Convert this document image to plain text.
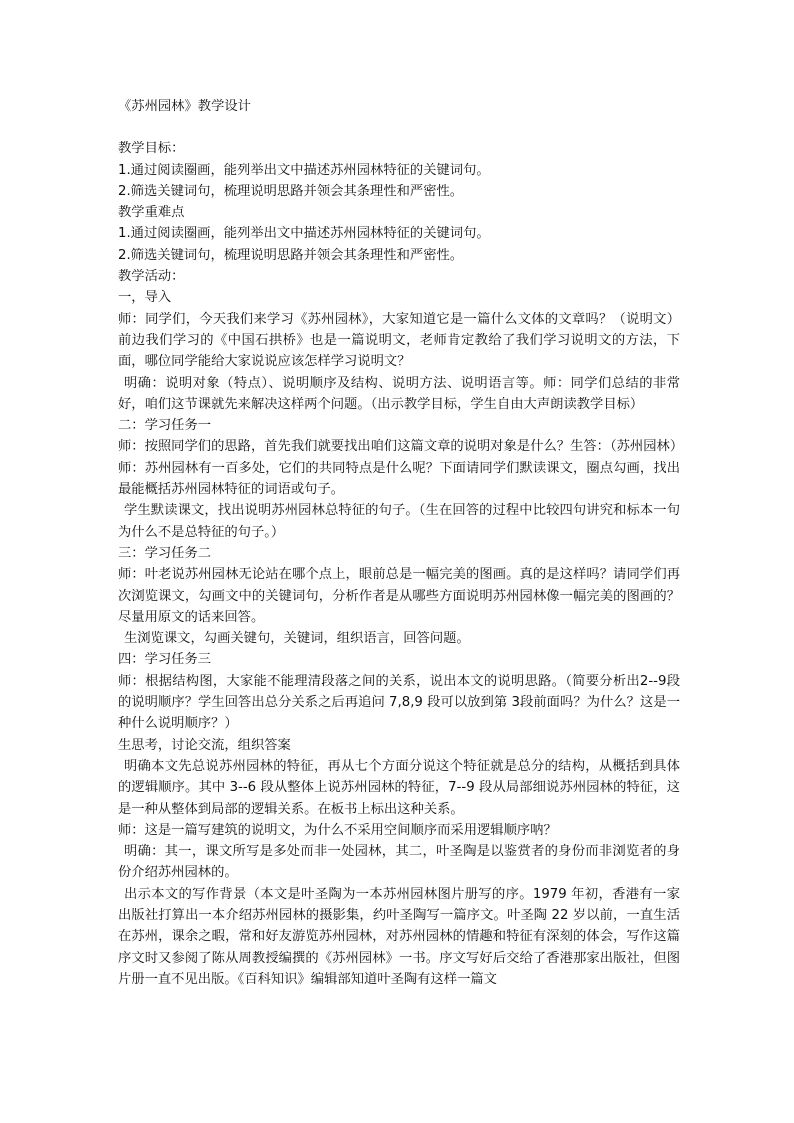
《苏州园林》教学设计

教学目标：

1.通过阅读圈画，能列举出文中描述苏州园林特征的关键词句。

2.筛选关键词句，梳理说明思路并领会其条理性和严密性。

教学重难点

1.通过阅读圈画，能列举出文中描述苏州园林特征的关键词句。

2.筛选关键词句，梳理说明思路并领会其条理性和严密性。

教学活动：

一，导入

师：同学们，今天我们来学习《苏州园林》，大家知道它是一篇什么文体的文章吗？（说明文）前边我们学习的《中国石拱桥》也是一篇说明文，老师肯定教给了我们学习说明文的方法，下面，哪位同学能给大家说说应该怎样学习说明文？

明确：说明对象（特点）、说明顺序及结构、说明方法、说明语言等。师：同学们总结的非常好，咱们这节课就先来解决这样两个问题。（出示教学目标，学生自由大声朗读教学目标）

二：学习任务一

师：按照同学们的思路，首先我们就要找出咱们这篇文章的说明对象是什么？生答：（苏州园林）

师：苏州园林有一百多处，它们的共同特点是什么呢？下面请同学们默读课文，圈点勾画，找出最能概括苏州园林特征的词语或句子。

学生默读课文，找出说明苏州园林总特征的句子。（生在回答的过程中比较四句讲究和标本一句为什么不是总特征的句子。）

三：学习任务二

师：叶老说苏州园林无论站在哪个点上，眼前总是一幅完美的图画。真的是这样吗？请同学们再次浏览课文，勾画文中的关键词句，分析作者是从哪些方面说明苏州园林像一幅完美的图画的？尽量用原文的话来回答。

生浏览课文，勾画关键句，关键词，组织语言，回答问题。

四：学习任务三

师：根据结构图，大家能不能理清段落之间的关系，说出本文的说明思路。（简要分析出2--9段的说明顺序？学生回答出总分关系之后再追问 7,8,9 段可以放到第 3段前面吗？为什么？这是一种什么说明顺序？）

生思考，讨论交流，组织答案

明确本文先总说苏州园林的特征，再从七个方面分说这个特征就是总分的结构，从概括到具体的逻辑顺序。其中 3--6 段从整体上说苏州园林的特征，7--9 段从局部细说苏州园林的特征，这是一种从整体到局部的逻辑关系。在板书上标出这种关系。

师：这是一篇写建筑的说明文，为什么不采用空间顺序而采用逻辑顺序呐？

明确：其一，课文所写是多处而非一处园林，其二，叶圣陶是以鉴赏者的身份而非浏览者的身份介绍苏州园林的。

出示本文的写作背景（本文是叶圣陶为一本苏州园林图片册写的序。1979 年初，香港有一家出版社打算出一本介绍苏州园林的摄影集，约叶圣陶写一篇序文。叶圣陶 22 岁以前，一直生活在苏州，课余之暇，常和好友游览苏州园林，对苏州园林的情趣和特征有深刻的体会，写作这篇序文时又参阅了陈从周教授编撰的《苏州园林》一书。序文写好后交给了香港那家出版社，但图片册一直不见出版。《百科知识》编辑部知道叶圣陶有这样一篇文
